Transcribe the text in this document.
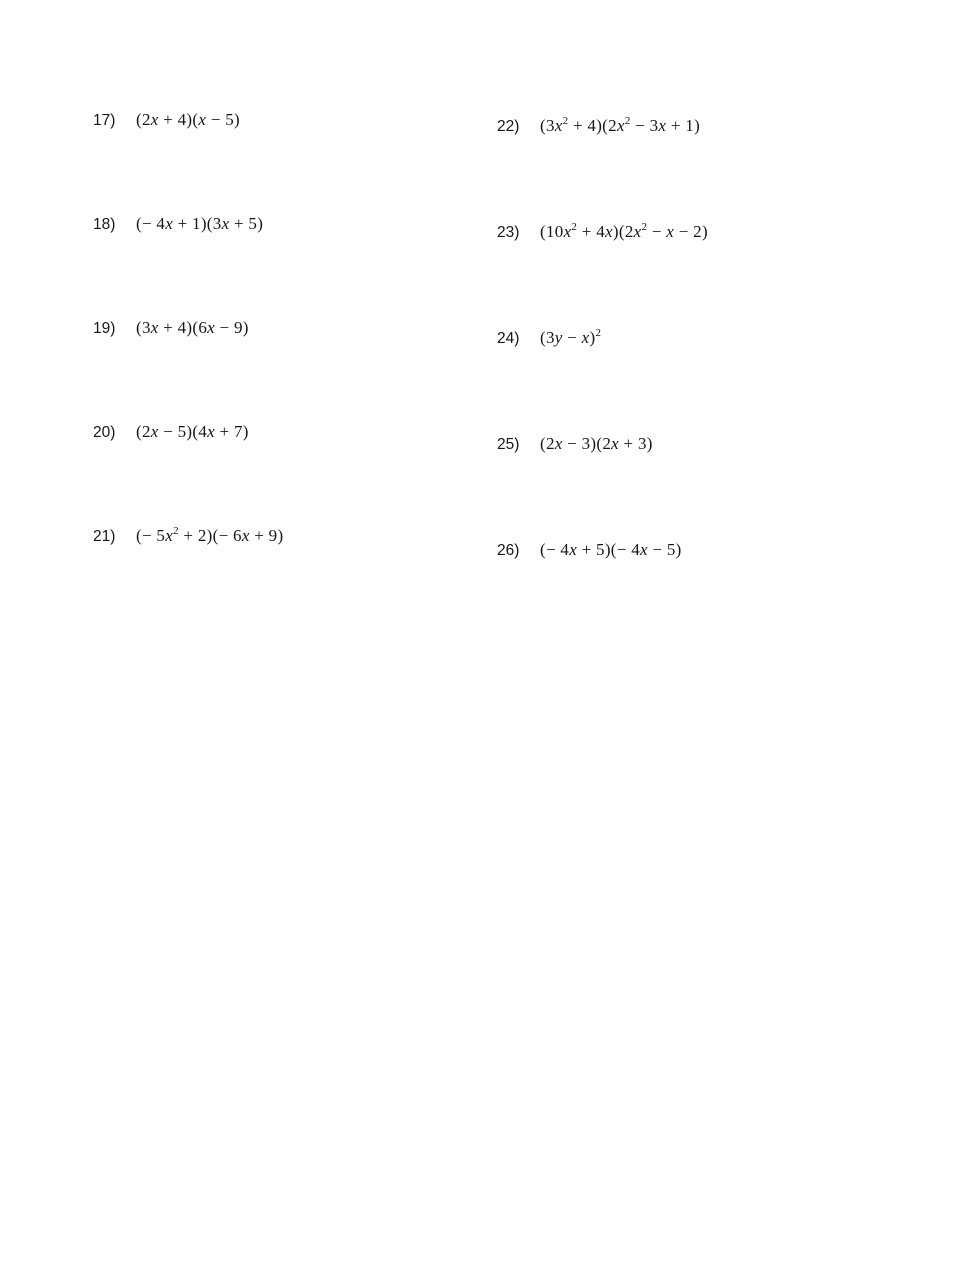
17)	(2x + 4)(x − 5)
18)	(− 4x + 1)(3x + 5)
19)	(3x + 4)(6x − 9)
20)	(2x − 5)(4x + 7)
21)	(− $5x^2 + 2)(- 6x + 9)$
22)	$(3x^2 + 4)(2x^2 - 3x + 1)$
23)	$(10x^2 + 4x)(2x^2 - x - 2)$
24)	$(3y - x)^2$
25)	(2x − 3)(2x + 3)
26)	(− 4x + 5)(− 4x − 5)
